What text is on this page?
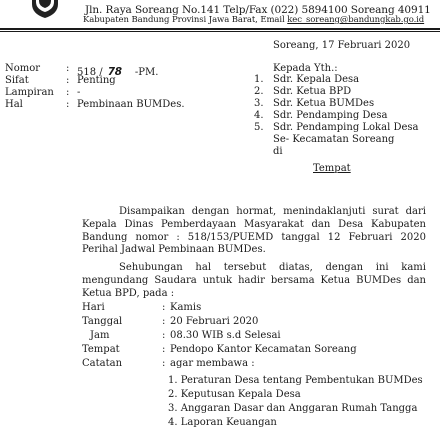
Jln. Raya Soreang No.141 Telp/Fax (022) 5894100 Soreang 40911
Kabupaten Bandung Provinsi Jawa Barat, Email kec_soreang@bandungkab.go.id
Soreang, 17 Februari 2020
Nomor	: 518 / 78 -PM.
Sifat	: Penting
Lampiran : -
Hal	: Pembinaan BUMDes.
Kepada Yth.:
1. Sdr. Kepala Desa
2. Sdr. Ketua BPD
3. Sdr. Ketua BUMDes
4. Sdr. Pendamping Desa
5. Sdr. Pendamping Lokal Desa
Se- Kecamatan Soreang
di
Tempat
Disampaikan dengan hormat, menindaklanjuti surat dari
Kepala Dinas Pemberdayaan Masyarakat dan Desa Kabupaten
Bandung nomor : 518/153/PUEMD tanggal 12 Februari 2020
Perihal Jadwal Pembinaan BUMDes.
Sehubungan hal tersebut diatas, dengan ini kami
mengundang Saudara untuk hadir bersama Ketua BUMDes dan
Ketua BPD, pada :
Hari	: Kamis
Tanggal	: 20 Februari 2020
Jam	: 08.30 WIB s.d Selesai
Tempat	: Pendopo Kantor Kecamatan Soreang
Catatan	: agar membawa :
1. Peraturan Desa tentang Pembentukan BUMDes
2. Keputusan Kepala Desa
3. Anggaran Dasar dan Anggaran Rumah Tangga
4. Laporan Keuangan
